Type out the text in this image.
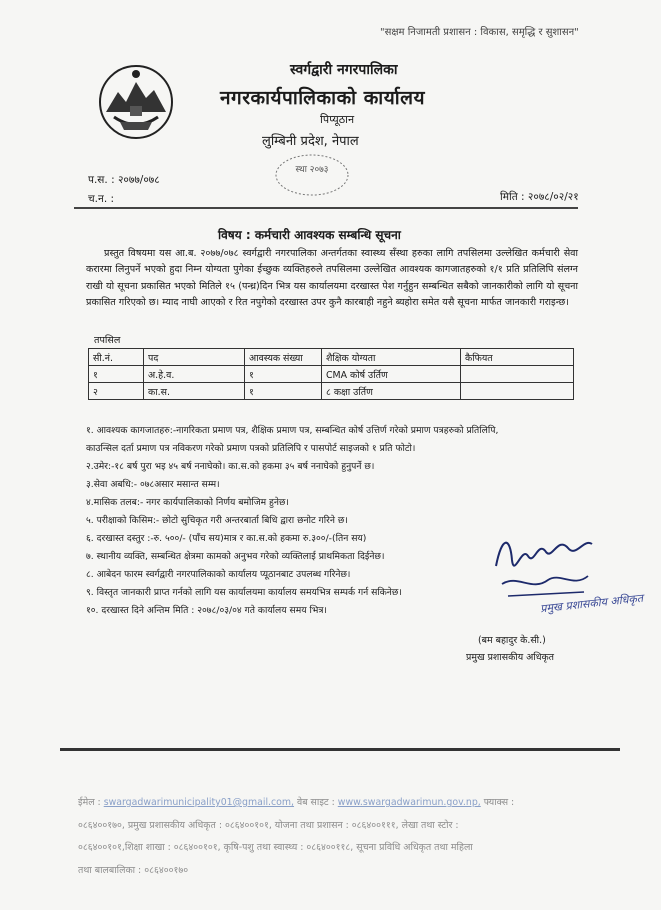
"सक्षम निजामती प्रशासन : विकास, समृद्धि र सुशासन"
स्वर्गद्वारी नगरपालिका
नगरकार्यपालिकाको कार्यालय
पिप्यूठान
लुम्बिनी प्रदेश, नेपाल
स्था २०७३
प.स. : २०७७/०७८
च.न. :	मिति : २०७८/०२/२१
विषय : कर्मचारी आवश्यक सम्बन्धि सूचना
प्रस्तुत विषयमा यस आ.ब. २०७७/०७८ स्वर्गद्वारी नगरपालिका अन्तर्गतका स्वास्थ्य सँस्था हरुका लागि तपसिलमा उल्लेखित कर्मचारी सेवा करारमा लिनुपर्ने भएको हुदा निम्न योग्यता पुगेका ईच्छुक व्यक्तिहरुले तपसिलमा उल्लेखित आवश्यक कागजातहरुको १/१ प्रति प्रतिलिपि संलग्न राखी यो सूचना प्रकासित भएको मितिले १५ (पन्ध्र)दिन भित्र यस कार्यालयमा दरखास्त पेश गर्नुहुन सम्बन्धित सबैको जानकारीको लागि यो सूचना प्रकासित गरिएको छ। म्याद नाघी आएको र रित नपुगेको दरखास्त उपर कुनै कारबाही नहुने ब्यहोरा समेत यसै सूचना मार्फत जानकारी गराइन्छ।
तपसिल
सी.नं.	पद	आवस्यक संख्या	शैक्षिक योग्यता	कैफियत
१	अ.हे.व.	१	CMA कोर्ष उर्तिण	
२	का.स.	१	८ कक्षा उर्तिण	
१. आवश्यक कागजातहरु:-नागरिकता प्रमाण पत्र, शैक्षिक प्रमाण पत्र, सम्बन्धित कोर्ष उत्तिर्ण गरेको प्रमाण पत्रहरुको प्रतिलिपि,
काउन्सिल दर्ता प्रमाण पत्र नविकरण गरेको प्रमाण पत्रको प्रतिलिपि र पासपोर्ट साइजको १ प्रति फोटो।
२.उमेर:-१८ बर्ष पुरा भइ ४५ बर्ष ननाघेको। का.स.को हकमा ३५ बर्ष ननाघेको हुनुपर्ने छ।
३.सेवा अबधि:- ०७८असार मसान्त सम्म।
४.मासिक तलब:- नगर कार्यपालिकाको निर्णय बमोजिम हुनेछ।
५. परीक्षाको किसिम:- छोटो सुचिकृत गरी अन्तरबार्ता बिधि द्वारा छनोट गरिने छ।
६. दरखास्त दस्तुर :-रु. ५००/- (पाँच सय)मात्र र का.स.को हकमा रु.३००/-(तिन सय)
७. स्थानीय व्यक्ति, सम्बन्धित क्षेत्रमा कामको अनुभव गरेको व्यक्तिलाई प्राथमिकता दिईनेछ।
८. आबेदन फारम स्वर्गद्वारी नगरपालिकाको कार्यालय प्यूठानबाट उपलब्ध गरिनेछ।
९. विस्तृत जानकारी प्राप्त गर्नको लागि यस कार्यालयमा कार्यालय समयभित्र सम्पर्क गर्न सकिनेछ।
१०. दरखास्त दिने अन्तिम मिति : २०७८/०३/०४ गते कार्यालय समय भित्र।	प्रमुख प्रशासकीय अधिकृत
(बम बहादुर के.सी.)
प्रमुख प्रशासकीय अधिकृत
ईमेल : swargadwarimunicipality01@gmail.com, वेब साइट : www.swargadwarimun.gov.np, फ्याक्स :
०८६४००१७०, प्रमुख प्रशासकीय अधिकृत : ०८६४००१०१, योजना तथा प्रशासन : ०८६४००१११, लेखा तथा स्टोर :
०८६४००१०१,शिक्षा शाखा : ०८६४००१०१, कृषि-पशु तथा स्वास्थ्य : ०८६४००११८, सूचना प्रविधि अधिकृत तथा महिला
तथा बालबालिका : ०८६४००१७०
